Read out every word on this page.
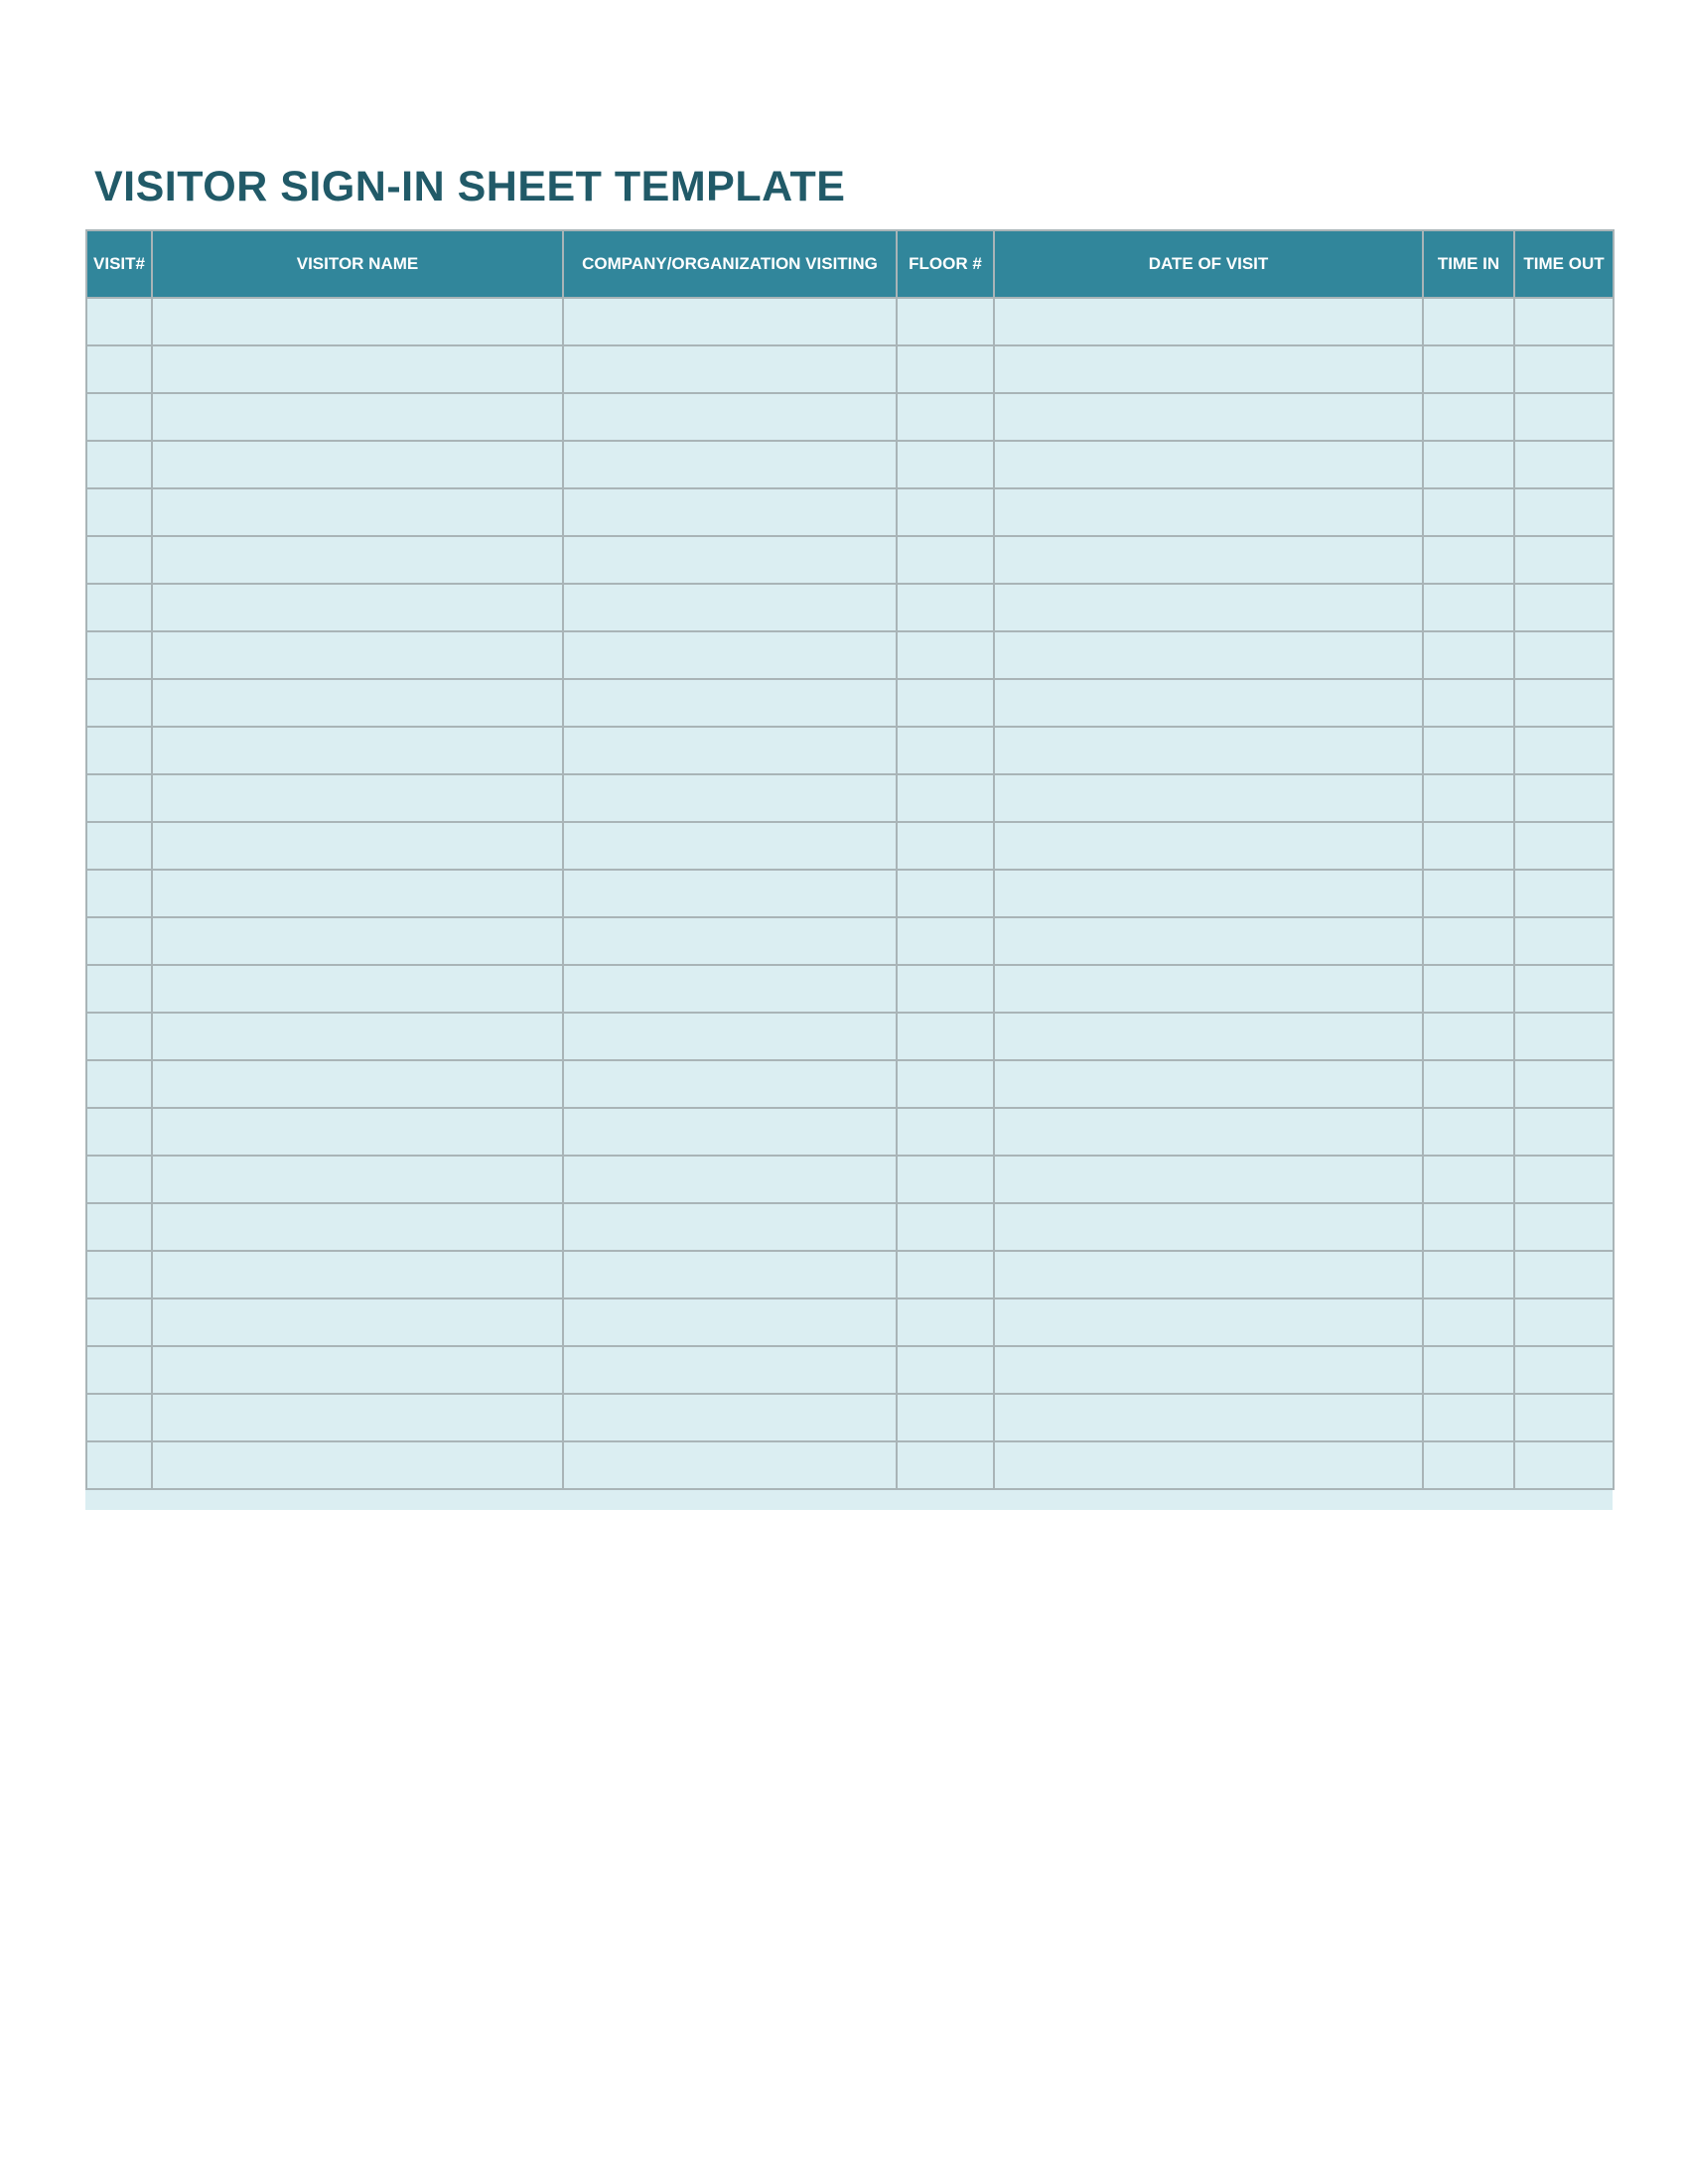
VISITOR SIGN-IN SHEET TEMPLATE
VISIT#	VISITOR NAME	COMPANY/ORGANIZATION VISITING	FLOOR #	DATE OF VISIT	TIME IN	TIME OUT
